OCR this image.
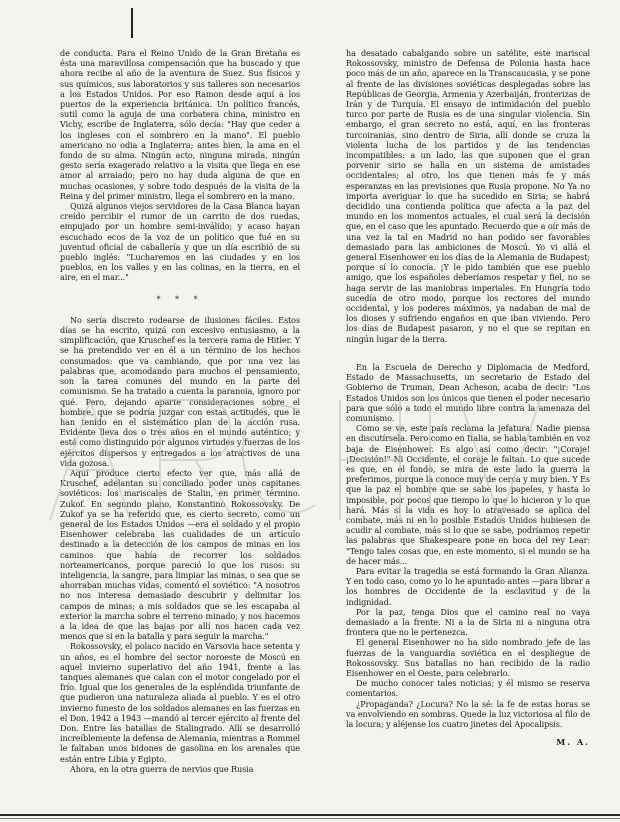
de conducta. Para el Reino Unido de la Gran Bretaña es ésta una maravillosa compensación que ha buscado y que ahora recibe al año de la aventura de Suez. Sus físicos y sus químicos, sus laboratorios y sus talleres son necesarios a los Estados Unidos. Por eso Ramon desde aquí a los puertos de la experiencia británica. Un político francés, sutil como la aguja de una corbatera china, ministro en Vichy, escribe de Inglaterra, sólo decía: "Hay que ceder a los ingleses con el sombrero en la mano". El pueblo americano no odia a Inglaterra; antes bien, la ama en el fondo de su alma. Ningún acto, ninguna mirada, ningún gesto sería exagerado relativo a la visita que llega en ese amor al arraiado; pero no hay duda alguna de que en muchas ocasiones, y sobre todo después de la visita de la Reina y del primer ministro, llega el sombrero en la mano.

Quizá algunos viejos servidores de la Casa Blanca hayan creído percibir el rumor de un carrito de dos ruedas, empujado por un hombre semi-inválido; y acaso hayan escuchado ecos de la voz de un político que fué en su juventud oficial de caballería y que un día escribió de su pueblo inglés: "Lucharemos en las ciudades y en los pueblos, en los valles y en las colinas, en la tierra, en el aire, en el mar..."

* * *

No sería discreto rodearse de ilusiones fáciles. Estos días se ha escrito, quizá con excesivo entusiasmo, a la simplificación, que Kruschef es la tercera rama de Hitler. Y se ha pretendido ver en él a un término de los hechos consumados: que va cambiando, que por una vez las palabras que, acomodando para muchos el pensamiento, son la tarea comunes del mundo en la parte del comunismo. Se ha tratado a cuenta la paranoia, ignoro por qué. Pero, dejando aparte consideraciones sobre el hombre, que se podría juzgar con estas actitudes, que le han tenido en el sistemático plan de la acción rusa. Evidente lleva dos o tres años en el mundo auténtico; y está como distinguido por algunos virtudes y fuerzas de los ejércitos dispersos y entregados a los atractivos de una vida gozosa.

Aquí produce cierto efecto ver que, más allá de Kruschef, adelantan su conciliado poder unos capitanes soviéticos: los mariscales de Stalin, en primer término. Zukof. En segundo plano, Konstantino Rokossovsky. De Zukof ya se ha referido que, es cierto secreto, como un general de los Estados Unidos —era el soldado y el propio Eisenhower celebraba las cualidades de un artículo destinado a la detección de los campos de minas en los caminos que había de recorrer los soldados norteamericanos, porque pareció lo que los rusos: su inteligencia, la sangre, para limpiar las minas, o sea que se ahorraban muchas vidas, comentó el soviético: "A nosotros no nos interesa demasiado descubrir y delimitar los campos de minas; a mis soldados que se les escapaba al exterior la marcha sobre el terreno minado; y nos hacemos a la idea de que las bajas por allí nos hacen cada vez menos que si en la batalla y para seguir la marcha."

Rokossovsky, el polaco nacido en Varsovia hace setenta y un años, es el hombre del sector noroeste de Moscú en aquel invierno superlativo del año 1941, frente a las tanques alemanes que calan con el motor congelado por el frío. Igual que los generales de la espléndida triunfante de que pudieron una naturaleza aliada al pueblo. Y es el otro invierno funesto de los soldados alemanes en las fuerzas en el Don, 1942 a 1943 —mandó al tercer ejército al frente del Don. Entre las batallas de Stalingrado. Allí se desarrolló increíblemente la defensa de Alemania, mientras a Rommel le faltaban unos bidones de gasolina en los arenales que están entre Libia y Egipto.

Ahora, en la otra guerra de nervios que Rusia

ha desatado cabalgando sobre un satélite, este mariscal Rokossovsky, ministro de Defensa de Polonia hasta hace poco más de un año, aparece en la Transcaucasia, y se pone al frente de las divisiones soviéticas desplegadas sobre las Repúblicas de Georgia, Armenia y Azerbaiján, fronterizas de Irán y de Turquía. El ensayo de intimidación del pueblo turco por parte de Rusia es de una singular violencia. Sin embargo, el gran secreto no está, aquí, en las fronteras turcoiranias, sino dentro de Siria, allí donde se cruza la violenta lucha de los partidos y de las tendencias incompatibles: a un lado, las que suponen que el gran porvenir sirio se halla en un sistema de amistades occidentales; al otro, los que tienen más fe y más esperanzas en las previsiones que Rusia propone. No Ya no importa averiguar lo que ha sucedido en Siria; se habrá decidido una contienda política que afecta a la paz del mundo en los momentos actuales, el cual será la decisión que, en el caso que les apuntado. Recuerdo que a oír más de una vez la tal en Madrid no han podido ser favorables demasiado para las ambiciones de Moscú. Yo vi allá el general Eisenhower en los días de la Alemania de Budapest; porque sí lo conocía. ¡Y le pido también que ese pueblo amigo, que los españoles deberíamos respetar y fiel, no se haga servir de las maniobras imperiales. En Hungría todo sucedía de otro modo, porque los rectores del mundo occidental, y los poderes máximos, ya nadaban de mal de los dioses y sufriendo engaños en que iban viviendo. Pero los días de Budapest pasaron, y no el que se repitan en ningún lugar de la tierra.

En la Escuela de Derecho y Diplomacia de Medford, Estado de Massachusetts, un secretario de Estado del Gobierno de Truman, Dean Acheson, acaba de decir: "Los Estados Unidos son los únicos que tienen el poder necesario para que sólo a todo el mundo libre contra la amenaza del comunismo.

Como se ve, este país reclama la jefatura. Nadie piensa en discutírsela. Pero como en Italia, se habla también en voz baja de Eisenhower. Es algo así como decir: "¡Coraje! ¡Decisión!" Ni Occidente, el coraje le faltan. Lo que sucede es que, en el fondo, se mira de este lado la guerra la preferimos, porque la conoce muy de cerca y muy bien. Y Es que la paz el hombre que se sabe los papeles, y hasta lo imposible, por pocos que tiempo lo que lo hicieron y lo que hará. Más si la vida es hoy lo atravesado se aplica del combate, más ni en lo posible Estados Unidos hubiesen de acudir al combate, más si lo que se sabe, podríamos repetir las palabras que Shakespeare pone en boca del rey Lear: "Tengo tales cosas que, en este momento, si el mundo se ha de hacer más...

Para evitar la tragedia se está formando la Gran Alianza. Y en todo caso, como yo lo he apuntado antes —para librar a los hombres de Occidente de la esclavitud y de la indignidad.

Por la paz, tenga Dios que el camino real no vaya demasiado a la frente. Ni a la de Siria ni a ninguna otra frontera que no le pertenezca.

El general Eisenhower no ha sido nombrado jefe de las fuerzas de la vanguardia soviética en el despliegue de Rokossovsky. Sus batallas no han recibido de la radio Eisenhower en el Oeste, para celebrarlo.

De mucho conocer tales noticias; y él mismo se reserva comentarios.

¿Propaganda? ¿Locura? No la sé: la fe de estas horas se va envolviendo en sombras. Quede la luz victoriosa al filo de la locura; y aléjense los cuatro jinetes del Apocalipsis.

M. A.
